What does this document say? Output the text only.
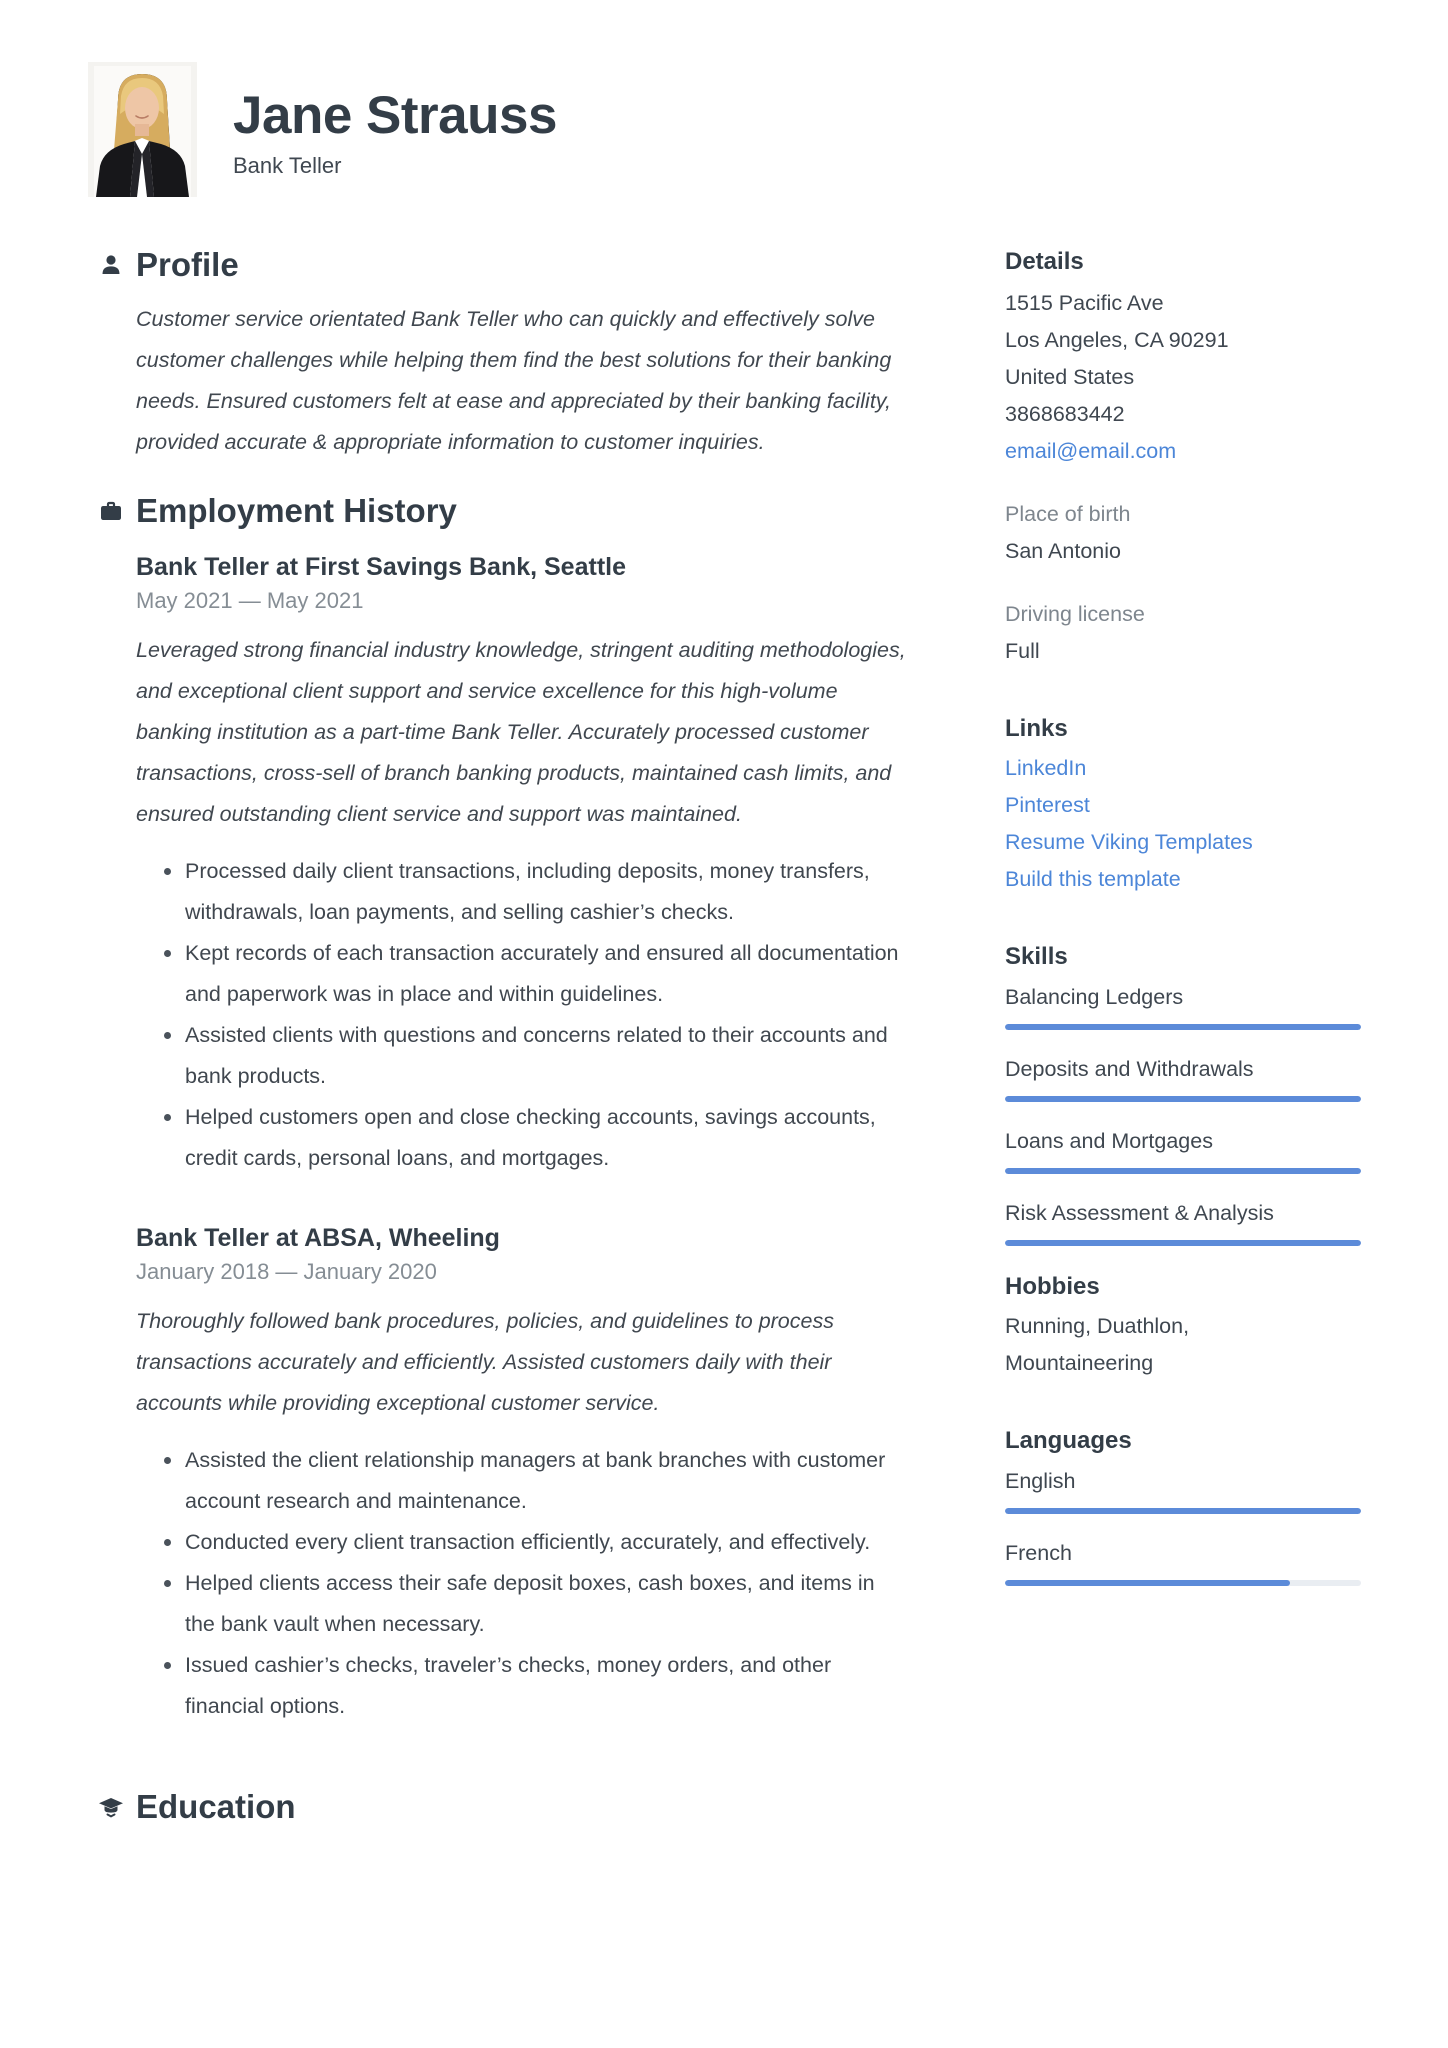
Jane Strauss
Bank Teller
Profile

Customer service orientated Bank Teller who can quickly and effectively solve customer challenges while helping them find the best solutions for their banking needs. Ensured customers felt at ease and appreciated by their banking facility, provided accurate & appropriate information to customer inquiries.

Employment History
Bank Teller at First Savings Bank, Seattle
May 2021 — May 2021
Leveraged strong financial industry knowledge, stringent auditing methodologies, and exceptional client support and service excellence for this high-volume banking institution as a part-time Bank Teller. Accurately processed customer transactions, cross-sell of branch banking products, maintained cash limits, and ensured outstanding client service and support was maintained.
Processed daily client transactions, including deposits, money transfers, withdrawals, loan payments, and selling cashier’s checks.
Kept records of each transaction accurately and ensured all documentation and paperwork was in place and within guidelines.
Assisted clients with questions and concerns related to their accounts and bank products.
Helped customers open and close checking accounts, savings accounts, credit cards, personal loans, and mortgages.
Bank Teller at ABSA, Wheeling
January 2018 — January 2020
Thoroughly followed bank procedures, policies, and guidelines to process transactions accurately and efficiently. Assisted customers daily with their accounts while providing exceptional customer service.
Assisted the client relationship managers at bank branches with customer account research and maintenance.
Conducted every client transaction efficiently, accurately, and effectively.
Helped clients access their safe deposit boxes, cash boxes, and items in the bank vault when necessary.
Issued cashier’s checks, traveler’s checks, money orders, and other financial options.
Education
Details
1515 Pacific Ave
Los Angeles, CA 90291
United States
3868683442
email@email.com
Place of birth
San Antonio
Driving license
Full
Links
LinkedIn
Pinterest
Resume Viking Templates
Build this template
Skills
Balancing Ledgers
Deposits and Withdrawals
Loans and Mortgages
Risk Assessment & Analysis
Hobbies
Running, Duathlon, Mountaineering
Languages
English
French
